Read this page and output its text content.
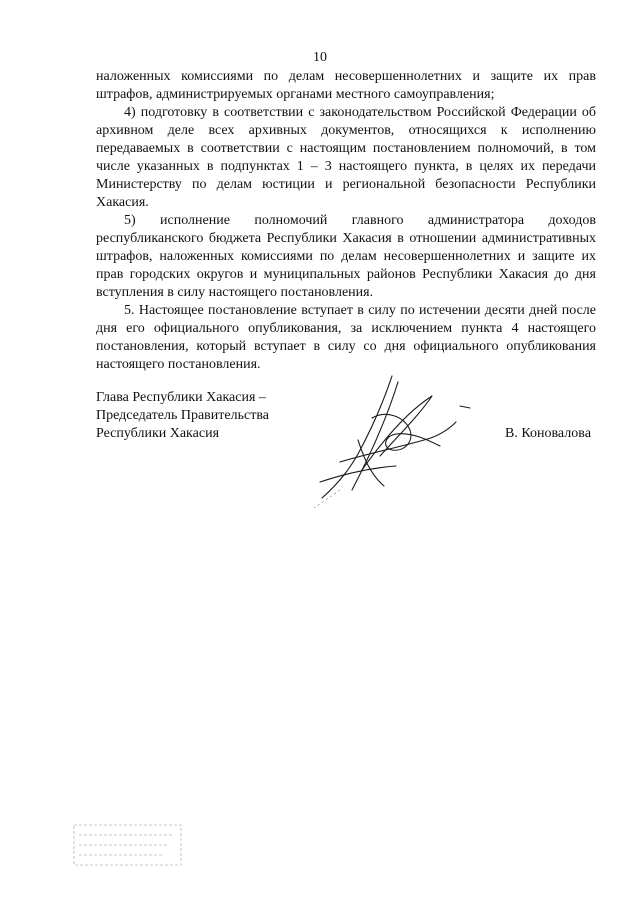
10

наложенных комиссиями по делам несовершеннолетних и защите их прав штрафов, администрируемых органами местного самоуправления;

4) подготовку в соответствии с законодательством Российской Федерации об архивном деле всех архивных документов, относящихся к исполнению передаваемых в соответствии с настоящим постановлением полномочий, в том числе указанных в подпунктах 1 – 3 настоящего пункта, в целях их передачи Министерству по делам юстиции и региональной безопасности Республики Хакасия.

5) исполнение полномочий главного администратора доходов республиканского бюджета Республики Хакасия в отношении административных штрафов, наложенных комиссиями по делам несовершеннолетних и защите их прав городских округов и муниципальных районов Республики Хакасия до дня вступления в силу настоящего постановления.

5. Настоящее постановление вступает в силу по истечении десяти дней после дня его официального опубликования, за исключением пункта 4 настоящего постановления, который вступает в силу со дня официального опубликования настоящего постановления.

Глава Республики Хакасия –
Председатель Правительства
Республики Хакасия	В. Коноваловa
